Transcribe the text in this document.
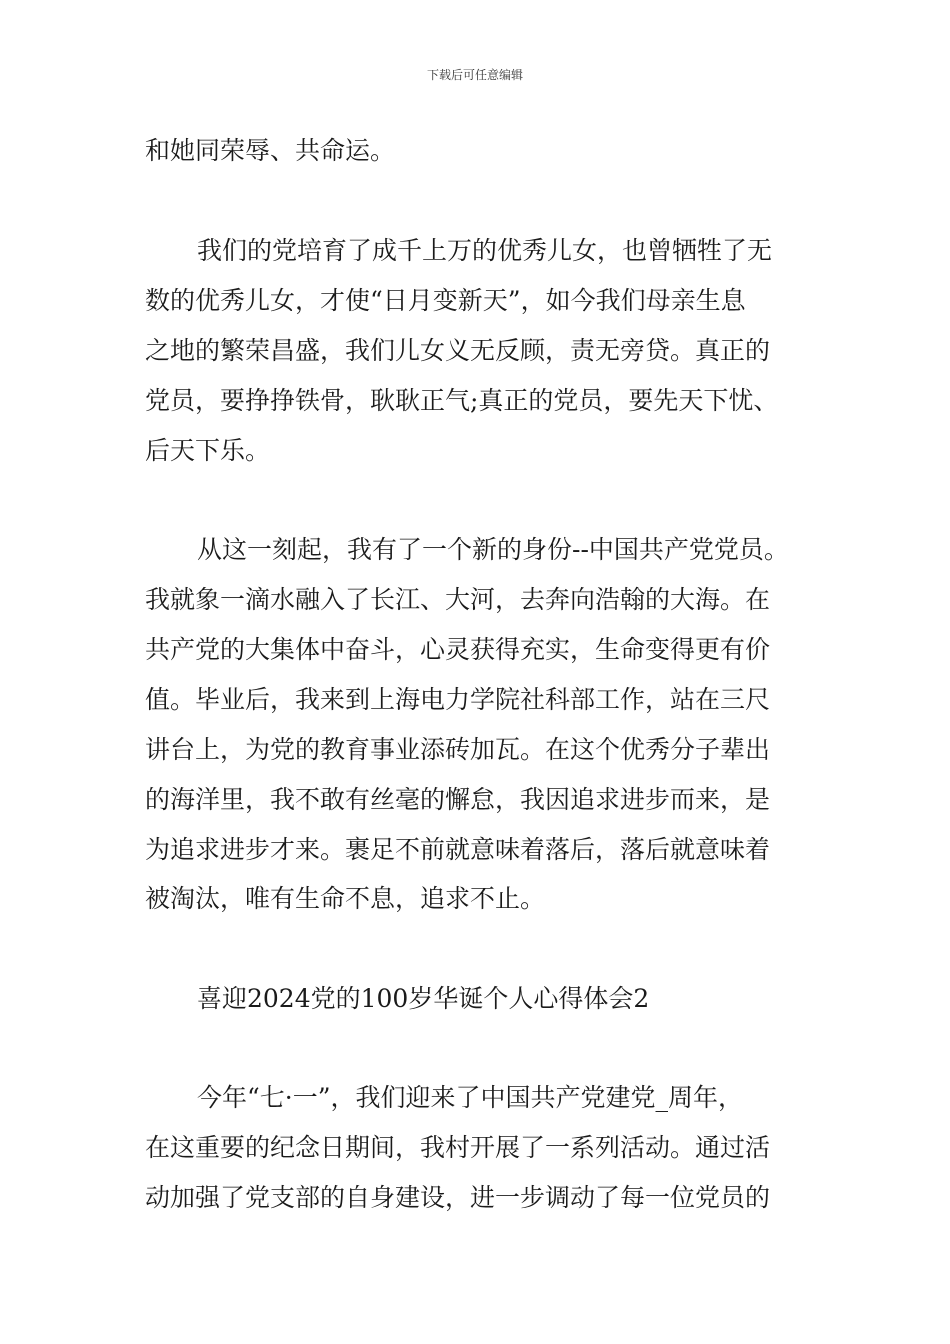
下载后可任意编辑
和她同荣辱、共命运。
我们的党培育了成千上万的优秀儿女，也曾牺牲了无
数的优秀儿女，才使“日月变新天”，如今我们母亲生息
之地的繁荣昌盛，我们儿女义无反顾，责无旁贷。真正的
党员，要挣挣铁骨，耿耿正气;真正的党员，要先天下忧、
后天下乐。
从这一刻起，我有了一个新的身份--中国共产党党员。
我就象一滴水融入了长江、大河，去奔向浩翰的大海。在
共产党的大集体中奋斗，心灵获得充实，生命变得更有价
值。毕业后，我来到上海电力学院社科部工作，站在三尺
讲台上，为党的教育事业添砖加瓦。在这个优秀分子辈出
的海洋里，我不敢有丝毫的懈怠，我因追求进步而来，是
为追求进步才来。裹足不前就意味着落后，落后就意味着
被淘汰，唯有生命不息，追求不止。
喜迎2024党的100岁华诞个人心得体会2
今年“七·一”，我们迎来了中国共产党建党_周年，
在这重要的纪念日期间，我村开展了一系列活动。通过活
动加强了党支部的自身建设，进一步调动了每一位党员的
